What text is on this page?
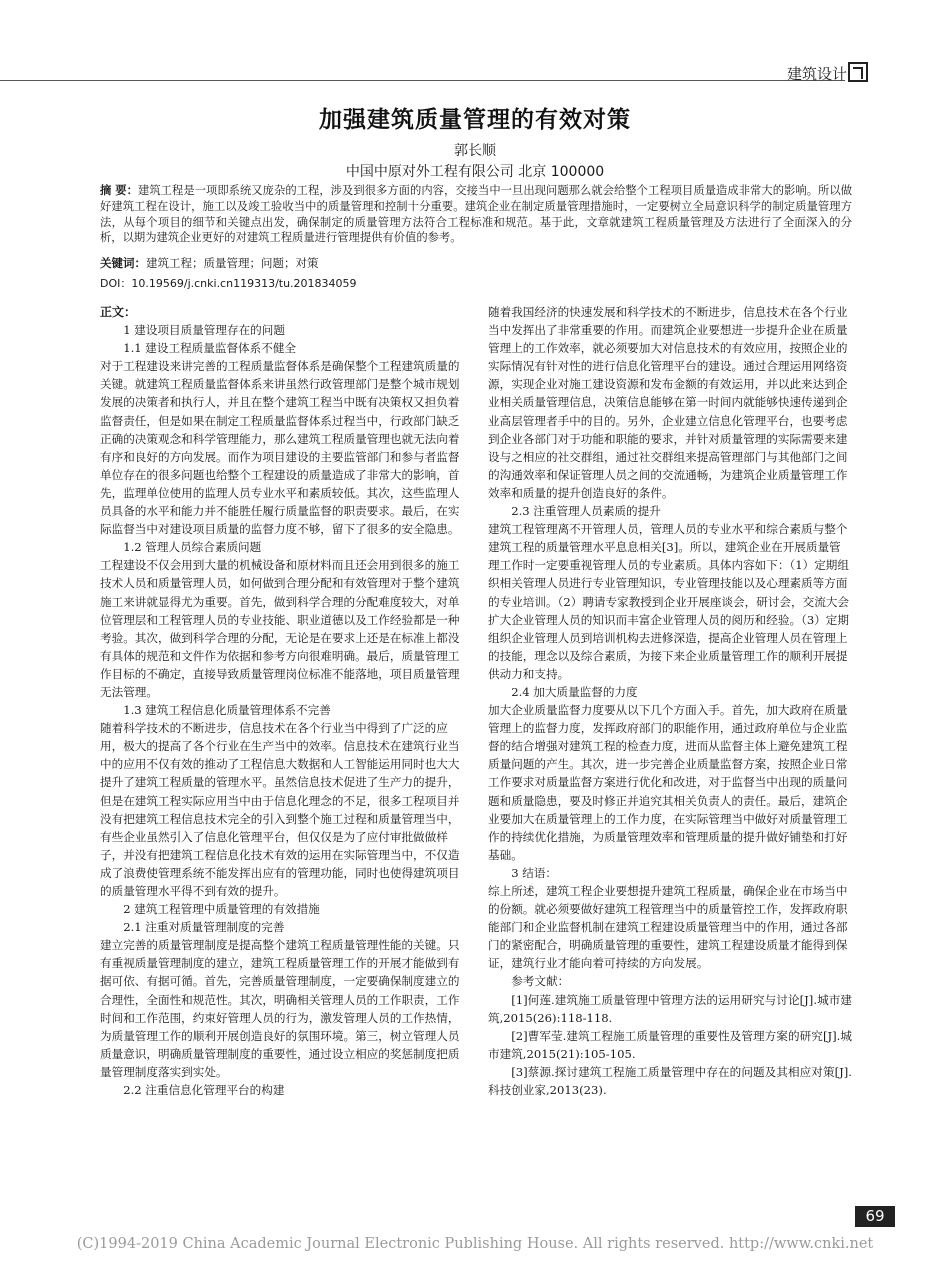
建筑设计
加强建筑质量管理的有效对策
郭长顺
中国中原对外工程有限公司 北京 100000
摘 要：建筑工程是一项即系统又庞杂的工程，涉及到很多方面的内容，交接当中一旦出现问题那么就会给整个工程项目质量造成非常大的影响。所以做好建筑工程在设计，施工以及竣工验收当中的质量管理和控制十分重要。建筑企业在制定质量管理措施时，一定要树立全局意识科学的制定质量管理方法，从每个项目的细节和关键点出发，确保制定的质量管理方法符合工程标准和规范。基于此，文章就建筑工程质量管理及方法进行了全面深入的分析，以期为建筑企业更好的对建筑工程质量进行管理提供有价值的参考。
关键词：建筑工程；质量管理；问题；对策
DOI：10.19569/j.cnki.cn119313/tu.201834059
正文：
1 建设项目质量管理存在的问题
1.1 建设工程质量监督体系不健全
对于工程建设来讲完善的工程质量监督体系是确保整个工程建筑质量的关键。就建筑工程质量监督体系来讲虽然行政管理部门是整个城市规划发展的决策者和执行人，并且在整个建筑工程当中既有决策权又担负着监督责任，但是如果在制定工程质量监督体系过程当中，行政部门缺乏正确的决策观念和科学管理能力，那么建筑工程质量管理也就无法向着有序和良好的方向发展。而作为项目建设的主要监管部门和参与者监督单位存在的很多问题也给整个工程建设的质量造成了非常大的影响，首先，监理单位使用的监理人员专业水平和素质较低。其次，这些监理人员具备的水平和能力并不能胜任履行质量监督的职责要求。最后，在实际监督当中对建设项目质量的监督力度不够，留下了很多的安全隐患。
1.2 管理人员综合素质问题
工程建设不仅会用到大量的机械设备和原材料而且还会用到很多的施工技术人员和质量管理人员，如何做到合理分配和有效管理对于整个建筑施工来讲就显得尤为重要。首先，做到科学合理的分配难度较大，对单位管理层和工程管理人员的专业技能、职业道德以及工作经验都是一种考验。其次，做到科学合理的分配，无论是在要求上还是在标准上都没有具体的规范和文件作为依据和参考方向很难明确。最后，质量管理工作目标的不确定，直接导致质量管理岗位标准不能落地，项目质量管理无法管理。
1.3 建筑工程信息化质量管理体系不完善
随着科学技术的不断进步，信息技术在各个行业当中得到了广泛的应用，极大的提高了各个行业在生产当中的效率。信息技术在建筑行业当中的应用不仅有效的推动了工程信息大数据和人工智能运用同时也大大提升了建筑工程质量的管理水平。虽然信息技术促进了生产力的提升，但是在建筑工程实际应用当中由于信息化理念的不足，很多工程项目并没有把建筑工程信息技术完全的引入到整个施工过程和质量管理当中，有些企业虽然引入了信息化管理平台，但仅仅是为了应付审批做做样子，并没有把建筑工程信息化技术有效的运用在实际管理当中，不仅造成了浪费使管理系统不能发挥出应有的管理功能，同时也使得建筑项目的质量管理水平得不到有效的提升。
2 建筑工程管理中质量管理的有效措施
2.1 注重对质量管理制度的完善
建立完善的质量管理制度是提高整个建筑工程质量管理性能的关键。只有重视质量管理制度的建立，建筑工程质量管理工作的开展才能做到有据可依、有据可循。首先，完善质量管理制度，一定要确保制度建立的合理性，全面性和规范性。其次，明确相关管理人员的工作职责，工作时间和工作范围，约束好管理人员的行为，激发管理人员的工作热情，为质量管理工作的顺利开展创造良好的氛围环境。第三，树立管理人员质量意识，明确质量管理制度的重要性，通过设立相应的奖惩制度把质量管理制度落实到实处。
2.2 注重信息化管理平台的构建
随着我国经济的快速发展和科学技术的不断进步，信息技术在各个行业当中发挥出了非常重要的作用。而建筑企业要想进一步提升企业在质量管理上的工作效率，就必须要加大对信息技术的有效应用，按照企业的实际情况有针对性的进行信息化管理平台的建设。通过合理运用网络资源，实现企业对施工建设资源和发布金额的有效运用，并以此来达到企业相关质量管理信息，决策信息能够在第一时间内就能够快速传递到企业高层管理者手中的目的。另外，企业建立信息化管理平台，也要考虑到企业各部门对于功能和职能的要求，并针对质量管理的实际需要来建设与之相应的社交群组，通过社交群组来提高管理部门与其他部门之间的沟通效率和保证管理人员之间的交流通畅，为建筑企业质量管理工作效率和质量的提升创造良好的条件。
2.3 注重管理人员素质的提升
建筑工程管理离不开管理人员，管理人员的专业水平和综合素质与整个建筑工程的质量管理水平息息相关[3]。所以，建筑企业在开展质量管理工作时一定要重视管理人员的专业素质。具体内容如下：（1）定期组织相关管理人员进行专业管理知识，专业管理技能以及心理素质等方面的专业培训。（2）聘请专家教授到企业开展座谈会，研讨会，交流大会扩大企业管理人员的知识而丰富企业管理人员的阅历和经验。（3）定期组织企业管理人员到培训机构去进修深造，提高企业管理人员在管理上的技能，理念以及综合素质，为接下来企业质量管理工作的顺利开展提供动力和支持。
2.4 加大质量监督的力度
加大企业质量监督力度要从以下几个方面入手。首先，加大政府在质量管理上的监督力度，发挥政府部门的职能作用，通过政府单位与企业监督的结合增强对建筑工程的检查力度，进而从监督主体上避免建筑工程质量问题的产生。其次，进一步完善企业质量监督方案，按照企业日常工作要求对质量监督方案进行优化和改进，对于监督当中出现的质量问题和质量隐患，要及时修正并追究其相关负责人的责任。最后，建筑企业要加大在质量管理上的工作力度，在实际管理当中做好对质量管理工作的持续优化措施，为质量管理效率和管理质量的提升做好铺垫和打好基础。
3 结语：
综上所述，建筑工程企业要想提升建筑工程质量，确保企业在市场当中的份额。就必须要做好建筑工程管理当中的质量管控工作，发挥政府职能部门和企业监督机制在建筑工程建设质量管理当中的作用，通过各部门的紧密配合，明确质量管理的重要性，建筑工程建设质量才能得到保证，建筑行业才能向着可持续的方向发展。
参考文献：
[1]何莲.建筑施工质量管理中管理方法的运用研究与讨论[J].城市建筑,2015(26):118-118.
[2]曹军莹.建筑工程施工质量管理的重要性及管理方案的研究[J].城市建筑,2015(21):105-105.
[3]蔡源.探讨建筑工程施工质量管理中存在的问题及其相应对策[J].科技创业家,2013(23).
69
(C)1994-2019 China Academic Journal Electronic Publishing House. All rights reserved. http://www.cnki.net
